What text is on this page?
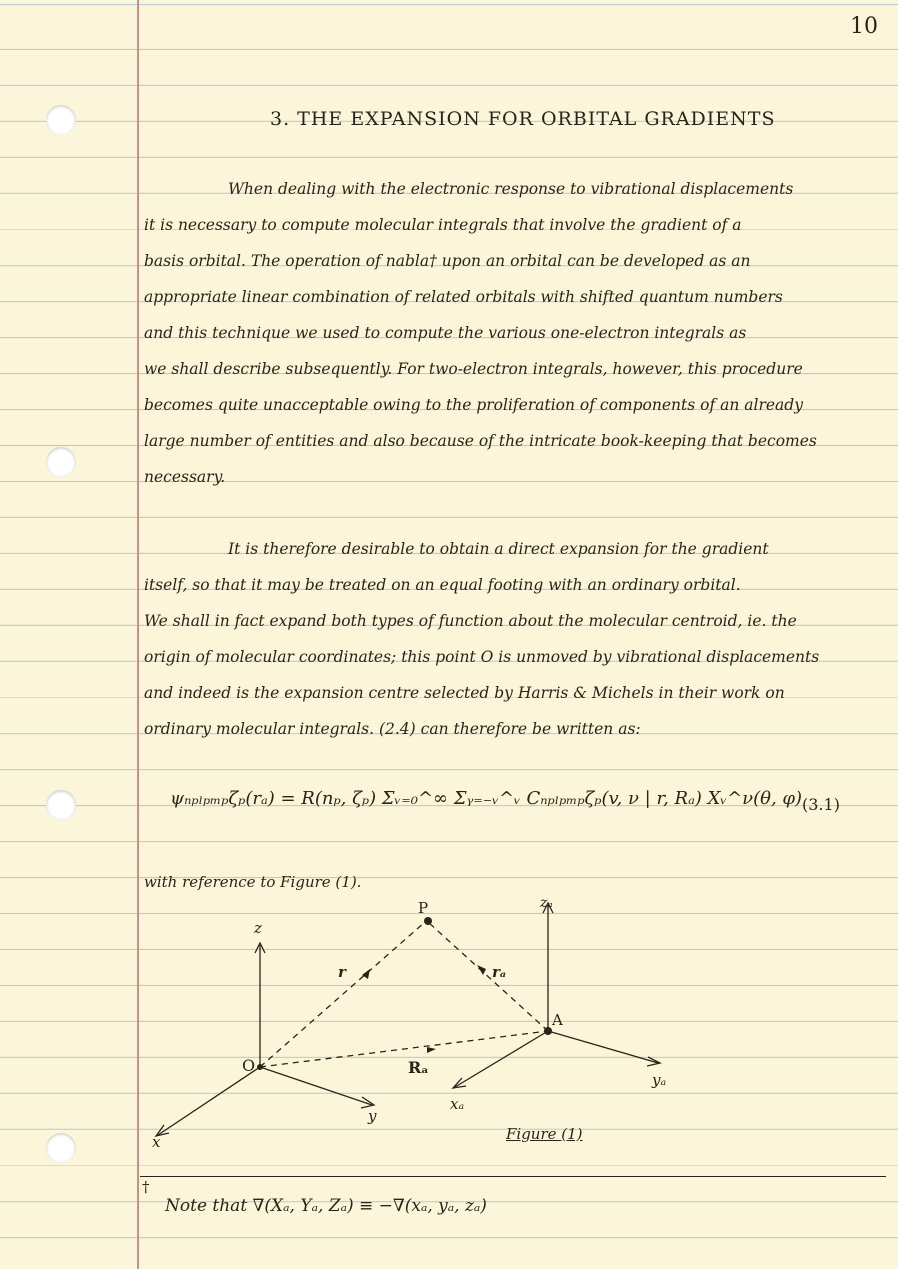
10
3. THE EXPANSION FOR ORBITAL GRADIENTS
When dealing with the electronic response to vibrational displacements
it is necessary to compute molecular integrals that involve the gradient of a
basis orbital. The operation of nabla† upon an orbital can be developed as an
appropriate linear combination of related orbitals with shifted quantum numbers
and this technique we used to compute the various one-electron integrals as
we shall describe subsequently. For two-electron integrals, however, this procedure
becomes quite unacceptable owing to the proliferation of components of an already
large number of entities and also because of the intricate book-keeping that becomes
necessary.
It is therefore desirable to obtain a direct expansion for the gradient
itself, so that it may be treated on an equal footing with an ordinary orbital.
We shall in fact expand both types of function about the molecular centroid, ie. the
origin of molecular coordinates; this point O is unmoved by vibrational displacements
and indeed is the expansion centre selected by Harris & Michels in their work on
ordinary molecular integrals. (2.4) can therefore be written as:
ψₙₚₗₚₘₚζₚ(rₐ) = R(nₚ, ζₚ) Σᵥ₌₀^∞ Σᵧ₌₋ᵥ^ᵥ Cₙₚₗₚₘₚζₚ(v, ν | r, Rₐ) Xᵥ^ν(θ, φ) (3.1)
with reference to Figure (1).
z
x
y
O
P
r	rₐ
Rₐ
A
zₐ
xₐ
yₐ
Figure (1)
†
Note that ∇(Xₐ, Yₐ, Zₐ) ≡ −∇(xₐ, yₐ, zₐ)
